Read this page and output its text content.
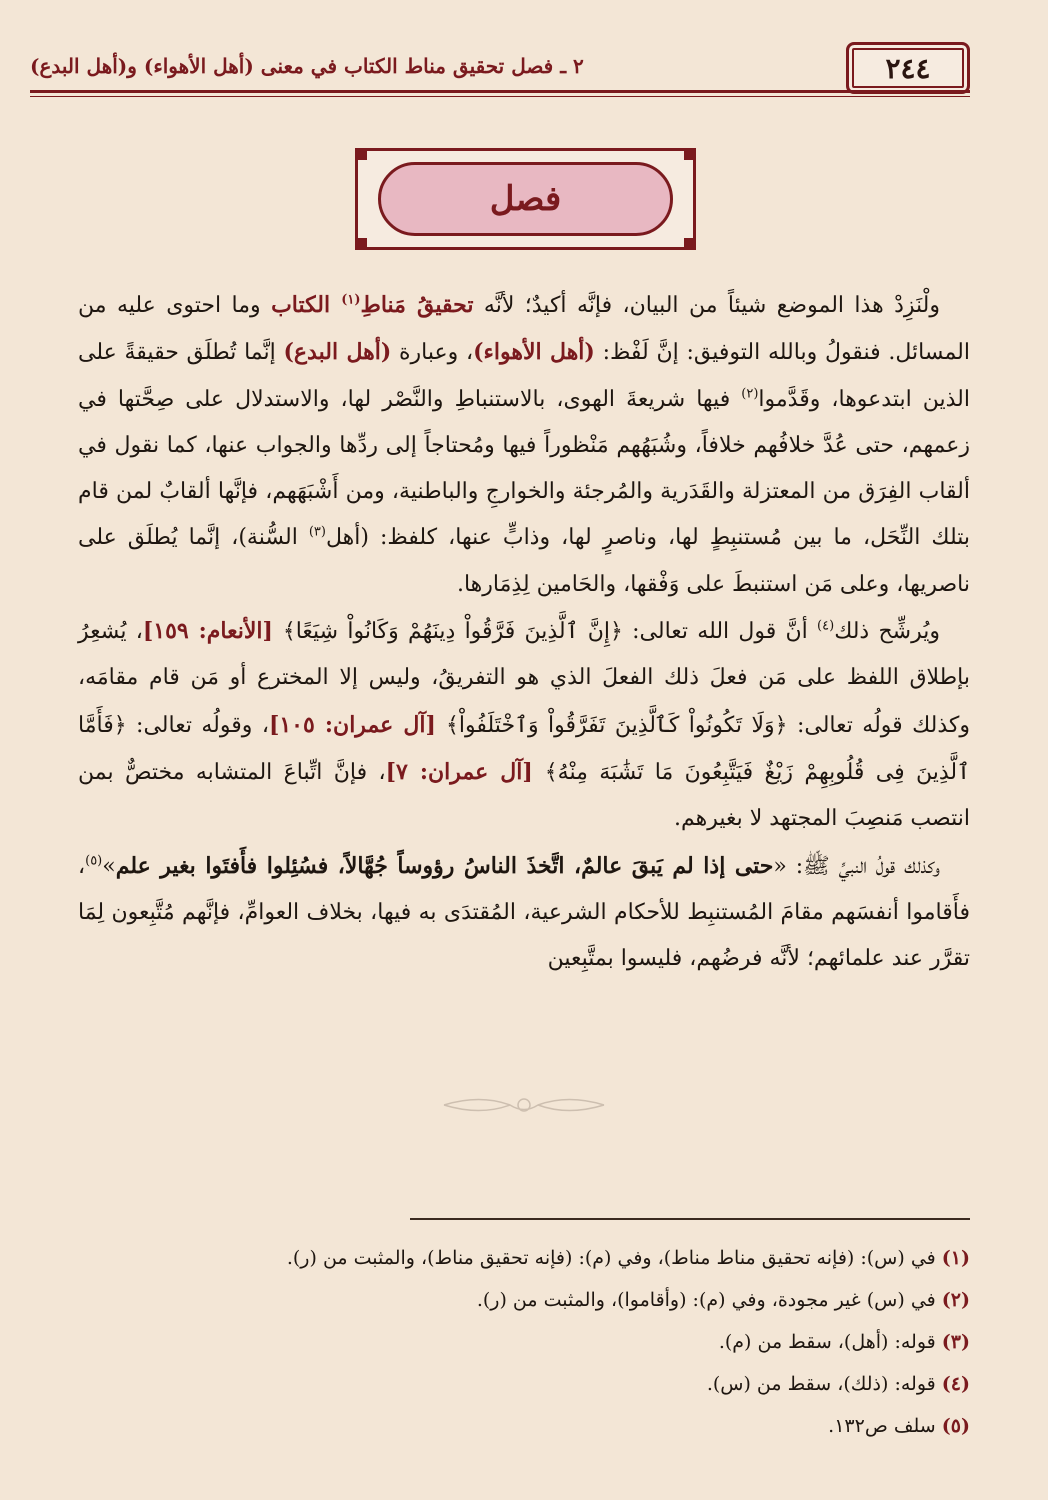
٢٤٤
٢ ـ فصل تحقيق مناط الكتاب في معنى (أهل الأهواء) و(أهل البدع)
فصل

ولْنَزِدْ هذا الموضع شيئاً من البيان، فإنَّه أكيدٌ؛ لأنَّه تحقيقُ مَناطِ$^{(١)}$ الكتاب وما احتوى عليه من المسائل. فنقولُ وبالله التوفيق: إنَّ لَفْظ: (أهل الأهواء)، وعبارة (أهل البدع) إنَّما تُطلَق حقيقةً على الذين ابتدعوها، وقَدَّموا$^{(٢)}$ فيها شريعةَ الهوى، بالاستنباطِ والنَّصْر لها، والاستدلال على صِحَّتها في زعمهم، حتى عُدَّ خلافُهم خلافاً، وشُبَهُهم مَنْظوراً فيها ومُحتاجاً إلى ردِّها والجواب عنها، كما نقول في ألقاب الفِرَق من المعتزلة والقَدَرية والمُرجئة والخوارجِ والباطنية، ومن أَشْبَهَهم، فإنَّها ألقابٌ لمن قام بتلك النِّحَل، ما بين مُستنبِطٍ لها، وناصرٍ لها، وذابٍّ عنها، كلفظ: (أهل$^{(٣)}$ السُّنة)، إنَّما يُطلَق على ناصريها، وعلى مَن استنبطَ على وَفْقها، والحَامين لِذِمَارها.

ويُرشِّح ذلك$^{(٤)}$ أنَّ قول الله تعالى: ﴿إِنَّ ٱلَّذِينَ فَرَّقُواْ دِينَهُمْ وَكَانُواْ شِيَعًا﴾ [الأنعام: ١٥٩]، يُشعِرُ بإطلاق اللفظ على مَن فعلَ ذلك الفعلَ الذي هو التفريقُ، وليس إلا المخترع أو مَن قام مقامَه، وكذلك قولُه تعالى: ﴿وَلَا تَكُونُواْ كَٱلَّذِينَ تَفَرَّقُواْ وَٱخْتَلَفُواْ﴾ [آل عمران: ١٠٥]، وقولُه تعالى: ﴿فَأَمَّا ٱلَّذِينَ فِى قُلُوبِهِمْ زَيْغٌ فَيَتَّبِعُونَ مَا تَشَٰبَهَ مِنْهُ﴾ [آل عمران: ٧]، فإنَّ اتِّباعَ المتشابه مختصٌّ بمن انتصب مَنصِبَ المجتهد لا بغيرهم.

وكذلك قولُ النبيِّ ﷺ: «حتى إذا لم يَبقَ عالمٌ، اتَّخذَ الناسُ رؤوساً جُهَّالاً، فسُئِلوا فأَفتَوا بغير علم»$^{(٥)}$، فأَقاموا أنفسَهم مقامَ المُستنبِط للأحكام الشرعية، المُقتدَى به فيها، بخلاف العوامِّ، فإنَّهم مُتَّبِعون لِمَا تقرَّر عند علمائهم؛ لأنَّه فرضُهم، فليسوا بمتَّبِعين

(١) في (س): (فإنه تحقيق مناط مناط)، وفي (م): (فإنه تحقيق مناط)، والمثبت من (ر).
(٢) في (س) غير مجودة، وفي (م): (وأقاموا)، والمثبت من (ر).
(٣) قوله: (أهل)، سقط من (م).
(٤) قوله: (ذلك)، سقط من (س).
(٥) سلف ص١٣٢.
